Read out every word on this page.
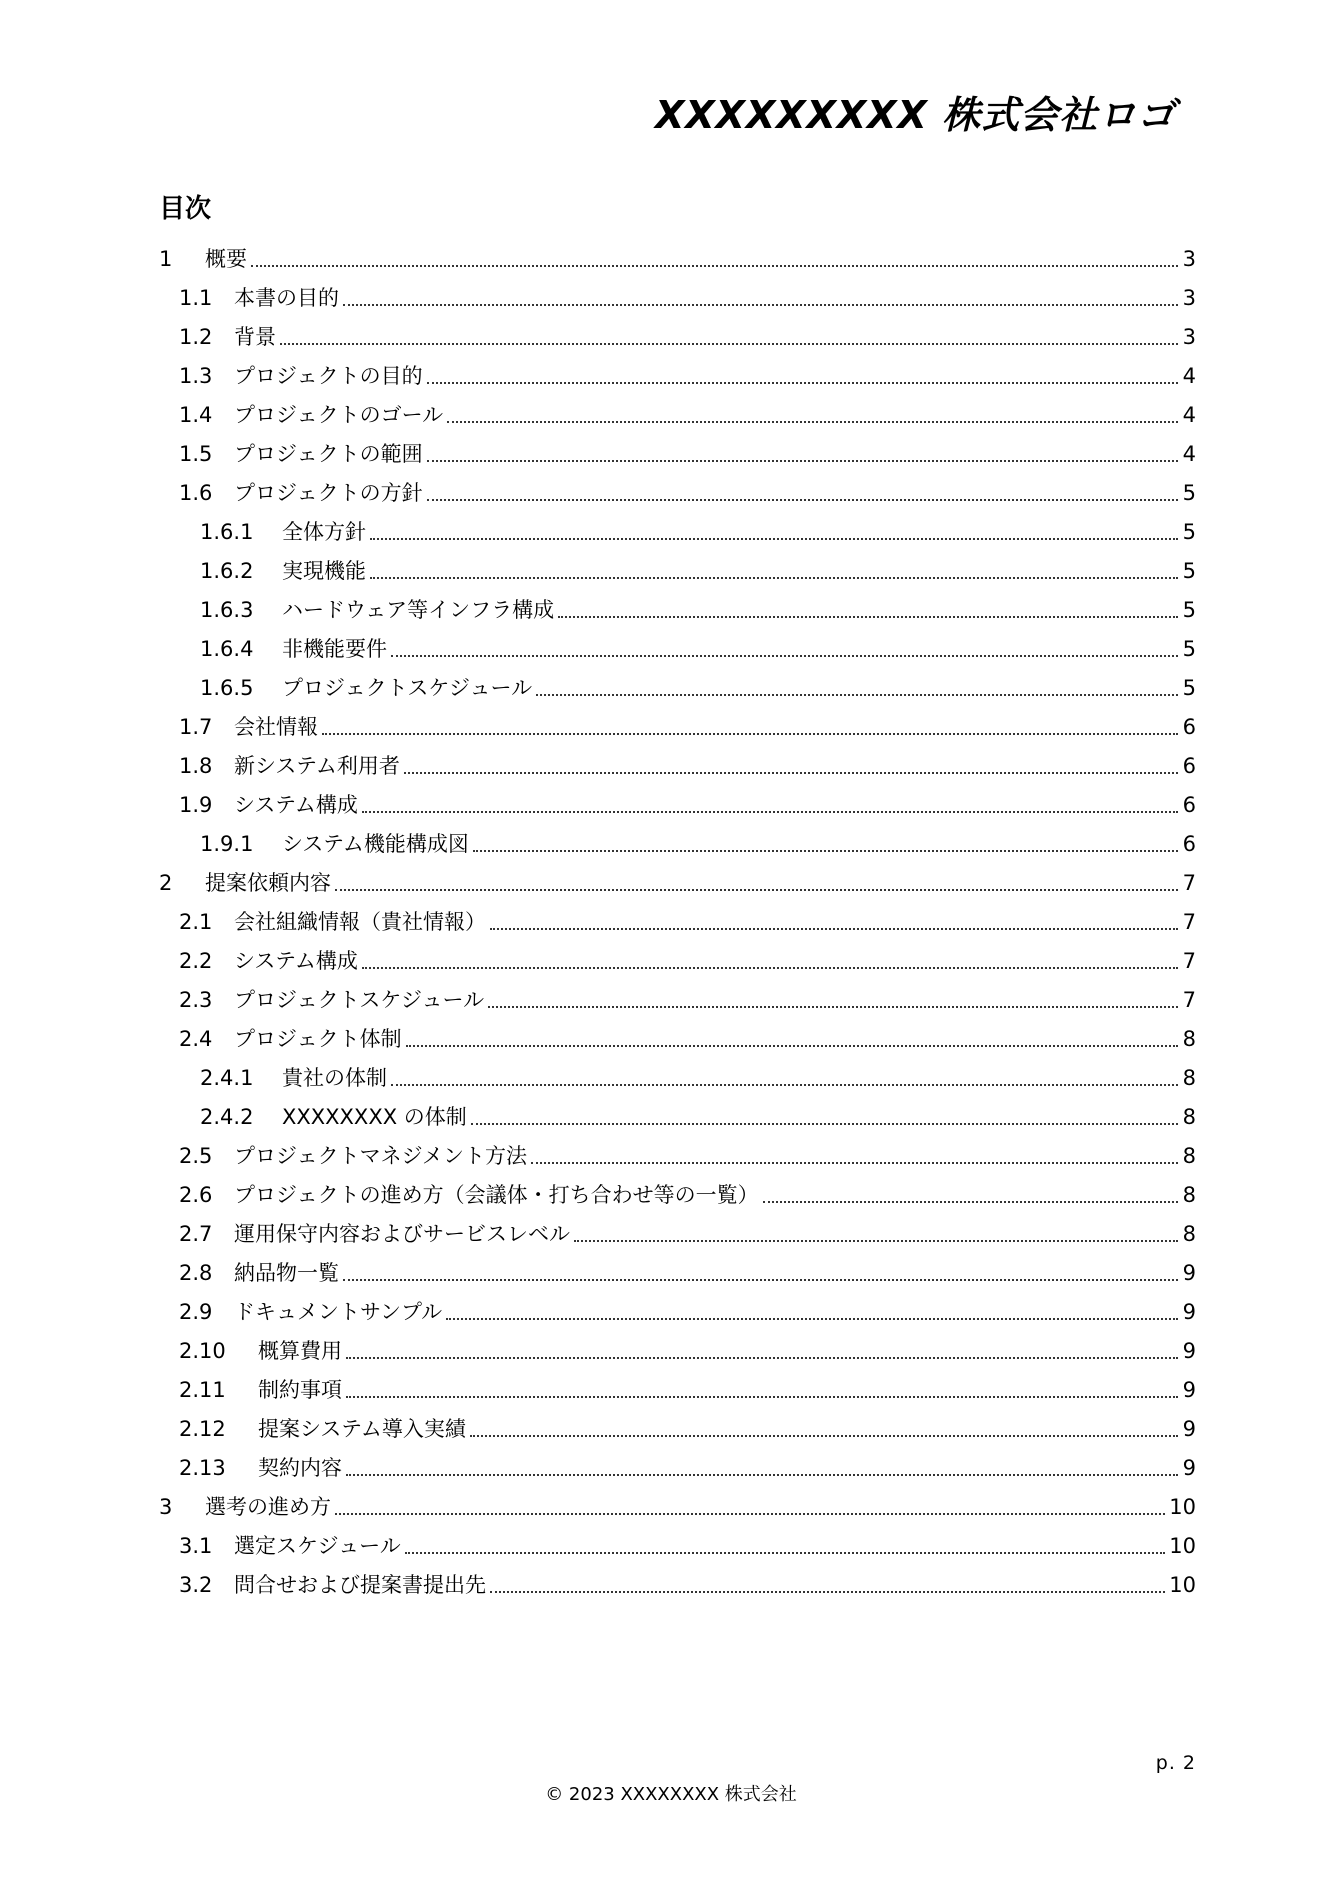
XXXXXXXXX 株式会社ロゴ
目次
1	概要	3
1.1	本書の目的	3
1.2	背景	3
1.3	プロジェクトの目的	4
1.4	プロジェクトのゴール	4
1.5	プロジェクトの範囲	4
1.6	プロジェクトの方針	5
1.6.1	全体方針	5
1.6.2	実現機能	5
1.6.3	ハードウェア等インフラ構成	5
1.6.4	非機能要件	5
1.6.5	プロジェクトスケジュール	5
1.7	会社情報	6
1.8	新システム利用者	6
1.9	システム構成	6
1.9.1	システム機能構成図	6
2	提案依頼内容	7
2.1	会社組織情報（貴社情報）	7
2.2	システム構成	7
2.3	プロジェクトスケジュール	7
2.4	プロジェクト体制	8
2.4.1	貴社の体制	8
2.4.2	XXXXXXXX の体制	8
2.5	プロジェクトマネジメント方法	8
2.6	プロジェクトの進め方（会議体・打ち合わせ等の一覧）	8
2.7	運用保守内容およびサービスレベル	8
2.8	納品物一覧	9
2.9	ドキュメントサンプル	9
2.10	概算費用	9
2.11	制約事項	9
2.12	提案システム導入実績	9
2.13	契約内容	9
3	選考の進め方	10
3.1	選定スケジュール	10
3.2	問合せおよび提案書提出先	10
p. 2
© 2023 XXXXXXXX 株式会社
